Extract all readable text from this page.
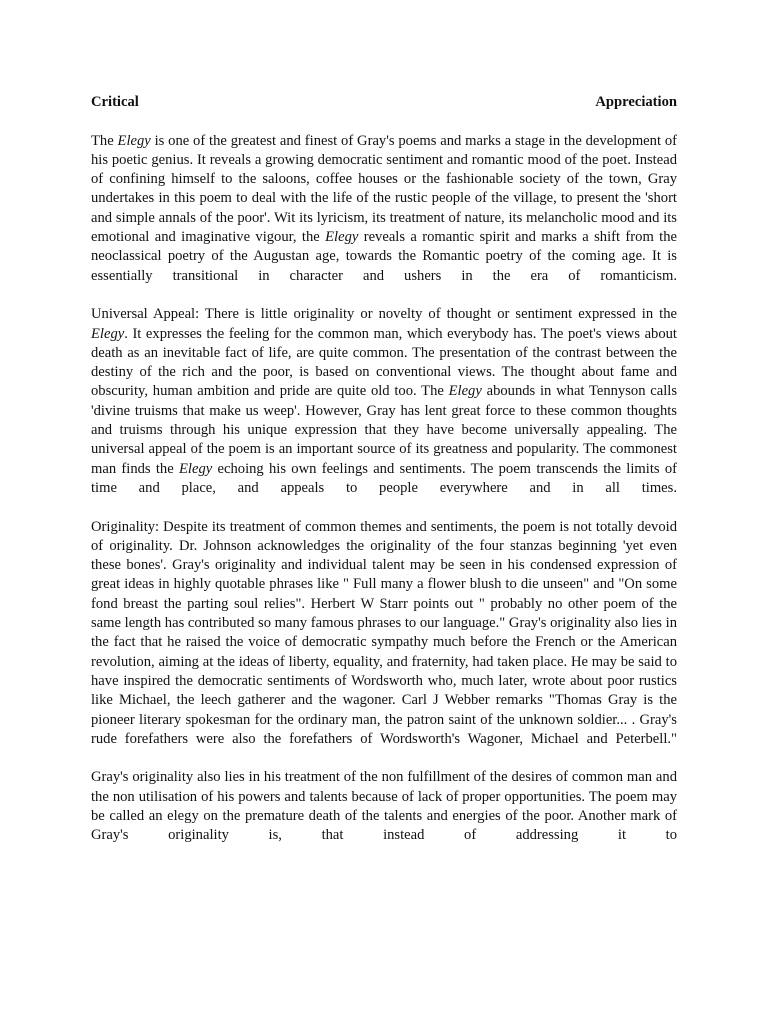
Critical	Appreciation

The Elegy is one of the greatest and finest of Gray's poems and marks a stage in the development of his poetic genius. It reveals a growing democratic sentiment and romantic mood of the poet. Instead of confining himself to the saloons, coffee houses or the fashionable society of the town, Gray undertakes in this poem to deal with the life of the rustic people of the village, to present the 'short and simple annals of the poor'. Wit its lyricism, its treatment of nature, its melancholic mood and its emotional and imaginative vigour, the Elegy reveals a romantic spirit and marks a shift from the neoclassical poetry of the Augustan age, towards the Romantic poetry of the coming age. It is essentially transitional in character and ushers in the era of romanticism.

Universal Appeal: There is little originality or novelty of thought or sentiment expressed in the Elegy. It expresses the feeling for the common man, which everybody has. The poet's views about death as an inevitable fact of life, are quite common. The presentation of the contrast between the destiny of the rich and the poor, is based on conventional views. The thought about fame and obscurity, human ambition and pride are quite old too. The Elegy abounds in what Tennyson calls 'divine truisms that make us weep'. However, Gray has lent great force to these common thoughts and truisms through his unique expression that they have become universally appealing. The universal appeal of the poem is an important source of its greatness and popularity. The commonest man finds the Elegy echoing his own feelings and sentiments. The poem transcends the limits of time and place, and appeals to people everywhere and in all times.

Originality: Despite its treatment of common themes and sentiments, the poem is not totally devoid of originality. Dr. Johnson acknowledges the originality of the four stanzas beginning 'yet even these bones'. Gray's originality and individual talent may be seen in his condensed expression of great ideas in highly quotable phrases like " Full many a flower blush to die unseen" and "On some fond breast the parting soul relies". Herbert W Starr points out " probably no other poem of the same length has contributed so many famous phrases to our language." Gray's originality also lies in the fact that he raised the voice of democratic sympathy much before the French or the American revolution, aiming at the ideas of liberty, equality, and fraternity, had taken place. He may be said to have inspired the democratic sentiments of Wordsworth who, much later, wrote about poor rustics like Michael, the leech gatherer and the wagoner. Carl J Webber remarks "Thomas Gray is the pioneer literary spokesman for the ordinary man, the patron saint of the unknown soldier... . Gray's rude forefathers were also the forefathers of Wordsworth's Wagoner, Michael and Peterbell."

Gray's originality also lies in his treatment of the non fulfillment of the desires of common man and the non utilisation of his powers and talents because of lack of proper opportunities. The poem may be called an elegy on the premature death of the talents and energies of the poor. Another mark of Gray's originality is, that instead of addressing it to
